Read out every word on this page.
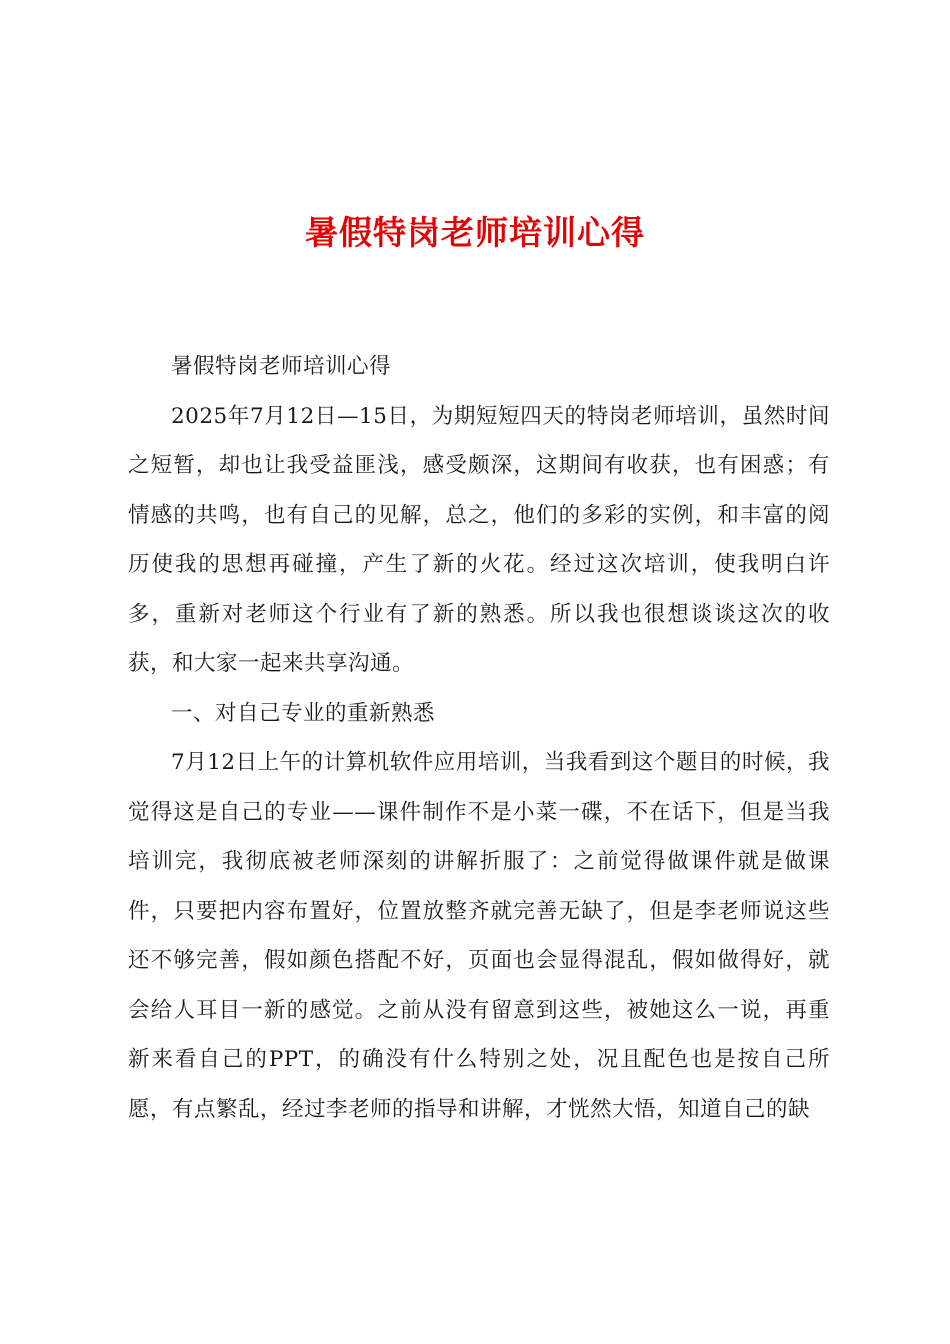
暑假特岗老师培训心得

暑假特岗老师培训心得

2025年7月12日—15日，为期短短四天的特岗老师培训，虽然时间之短暂，却也让我受益匪浅，感受颇深，这期间有收获，也有困惑；有情感的共鸣，也有自己的见解，总之，他们的多彩的实例，和丰富的阅历使我的思想再碰撞，产生了新的火花。经过这次培训，使我明白许多，重新对老师这个行业有了新的熟悉。所以我也很想谈谈这次的收获，和大家一起来共享沟通。

一、对自己专业的重新熟悉

7月12日上午的计算机软件应用培训，当我看到这个题目的时候，我觉得这是自己的专业——课件制作不是小菜一碟，不在话下，但是当我培训完，我彻底被老师深刻的讲解折服了：之前觉得做课件就是做课件，只要把内容布置好，位置放整齐就完善无缺了，但是李老师说这些还不够完善，假如颜色搭配不好，页面也会显得混乱，假如做得好，就会给人耳目一新的感觉。之前从没有留意到这些，被她这么一说，再重新来看自己的PPT，的确没有什么特别之处，况且配色也是按自己所愿，有点繁乱，经过李老师的指导和讲解，才恍然大悟，知道自己的缺
